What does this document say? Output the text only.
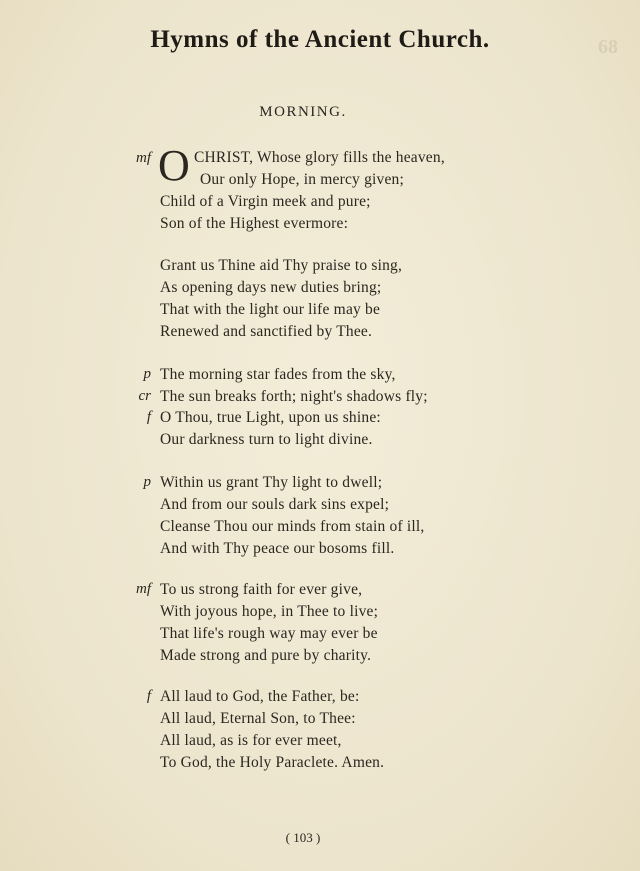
68
Hymns of the Ancient Church.
MORNING.
mf O CHRIST, Whose glory fills the heaven,
Our only Hope, in mercy given;
Child of a Virgin meek and pure;
Son of the Highest evermore:
Grant us Thine aid Thy praise to sing,
As opening days new duties bring;
That with the light our life may be
Renewed and sanctified by Thee.
p The morning star fades from the sky,
cr The sun breaks forth; night's shadows fly;
f O Thou, true Light, upon us shine:
Our darkness turn to light divine.
p Within us grant Thy light to dwell;
And from our souls dark sins expel;
Cleanse Thou our minds from stain of ill,
And with Thy peace our bosoms fill.
mf To us strong faith for ever give,
With joyous hope, in Thee to live;
That life's rough way may ever be
Made strong and pure by charity.
f All laud to God, the Father, be:
All laud, Eternal Son, to Thee:
All laud, as is for ever meet,
To God, the Holy Paraclete. Amen.
( 103 )
